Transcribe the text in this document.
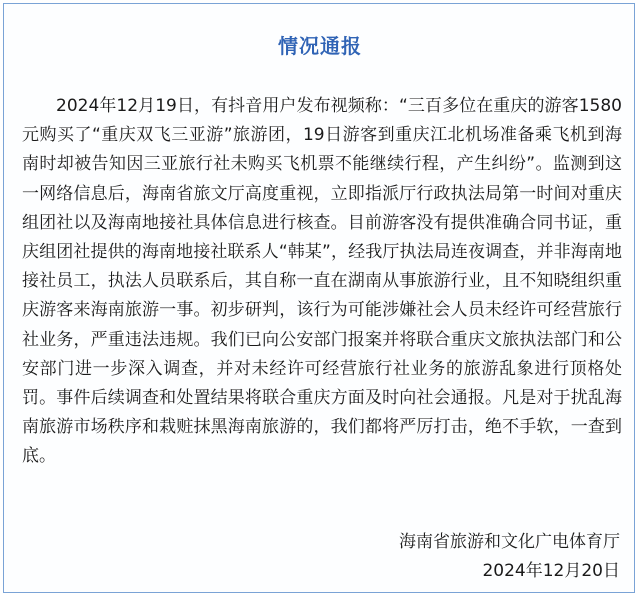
情况通报

2024年12月19日，有抖音用户发布视频称：“三百多位在重庆的游客1580元购买了“重庆双飞三亚游”旅游团，19日游客到重庆江北机场准备乘飞机到海南时却被告知因三亚旅行社未购买飞机票不能继续行程，产生纠纷”。监测到这一网络信息后，海南省旅文厅高度重视，立即指派厅行政执法局第一时间对重庆组团社以及海南地接社具体信息进行核查。目前游客没有提供准确合同书证，重庆组团社提供的海南地接社联系人“韩某”，经我厅执法局连夜调查，并非海南地接社员工，执法人员联系后，其自称一直在湖南从事旅游行业，且不知晓组织重庆游客来海南旅游一事。初步研判，该行为可能涉嫌社会人员未经许可经营旅行社业务，严重违法违规。我们已向公安部门报案并将联合重庆文旅执法部门和公安部门进一步深入调查，并对未经许可经营旅行社业务的旅游乱象进行顶格处罚。事件后续调查和处置结果将联合重庆方面及时向社会通报。凡是对于扰乱海南旅游市场秩序和栽赃抹黑海南旅游的，我们都将严厉打击，绝不手软，一查到底。

海南省旅游和文化广电体育厅
2024年12月20日
